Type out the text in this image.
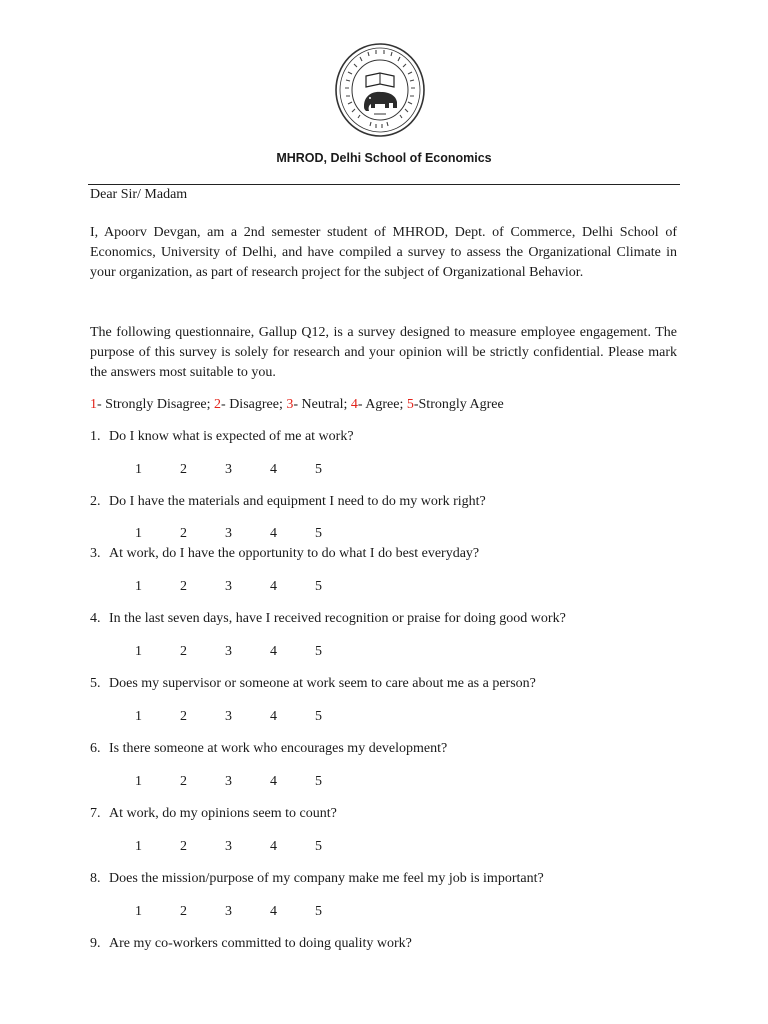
MHROD, Delhi School of Economics
Dear Sir/ Madam

I, Apoorv Devgan, am a 2nd semester student of MHROD, Dept. of Commerce, Delhi School of Economics, University of Delhi, and have compiled a survey to assess the Organizational Climate in your organization, as part of research project for the subject of Organizational Behavior.

The following questionnaire, Gallup Q12, is a survey designed to measure employee engagement. The purpose of this survey is solely for research and your opinion will be strictly confidential. Please mark the answers most suitable to you.

1- Strongly Disagree; 2- Disagree; 3- Neutral; 4- Agree; 5-Strongly Agree
1. Do I know what is expected of me at work?
1	2	3	4	5
2. Do I have the materials and equipment I need to do my work right?
1	2	3	4	5
3. At work, do I have the opportunity to do what I do best everyday?
1	2	3	4	5
4. In the last seven days, have I received recognition or praise for doing good work?
1	2	3	4	5
5. Does my supervisor or someone at work seem to care about me as a person?
1	2	3	4	5
6. Is there someone at work who encourages my development?
1	2	3	4	5
7. At work, do my opinions seem to count?
1	2	3	4	5
8. Does the mission/purpose of my company make me feel my job is important?
1	2	3	4	5
9. Are my co-workers committed to doing quality work?
